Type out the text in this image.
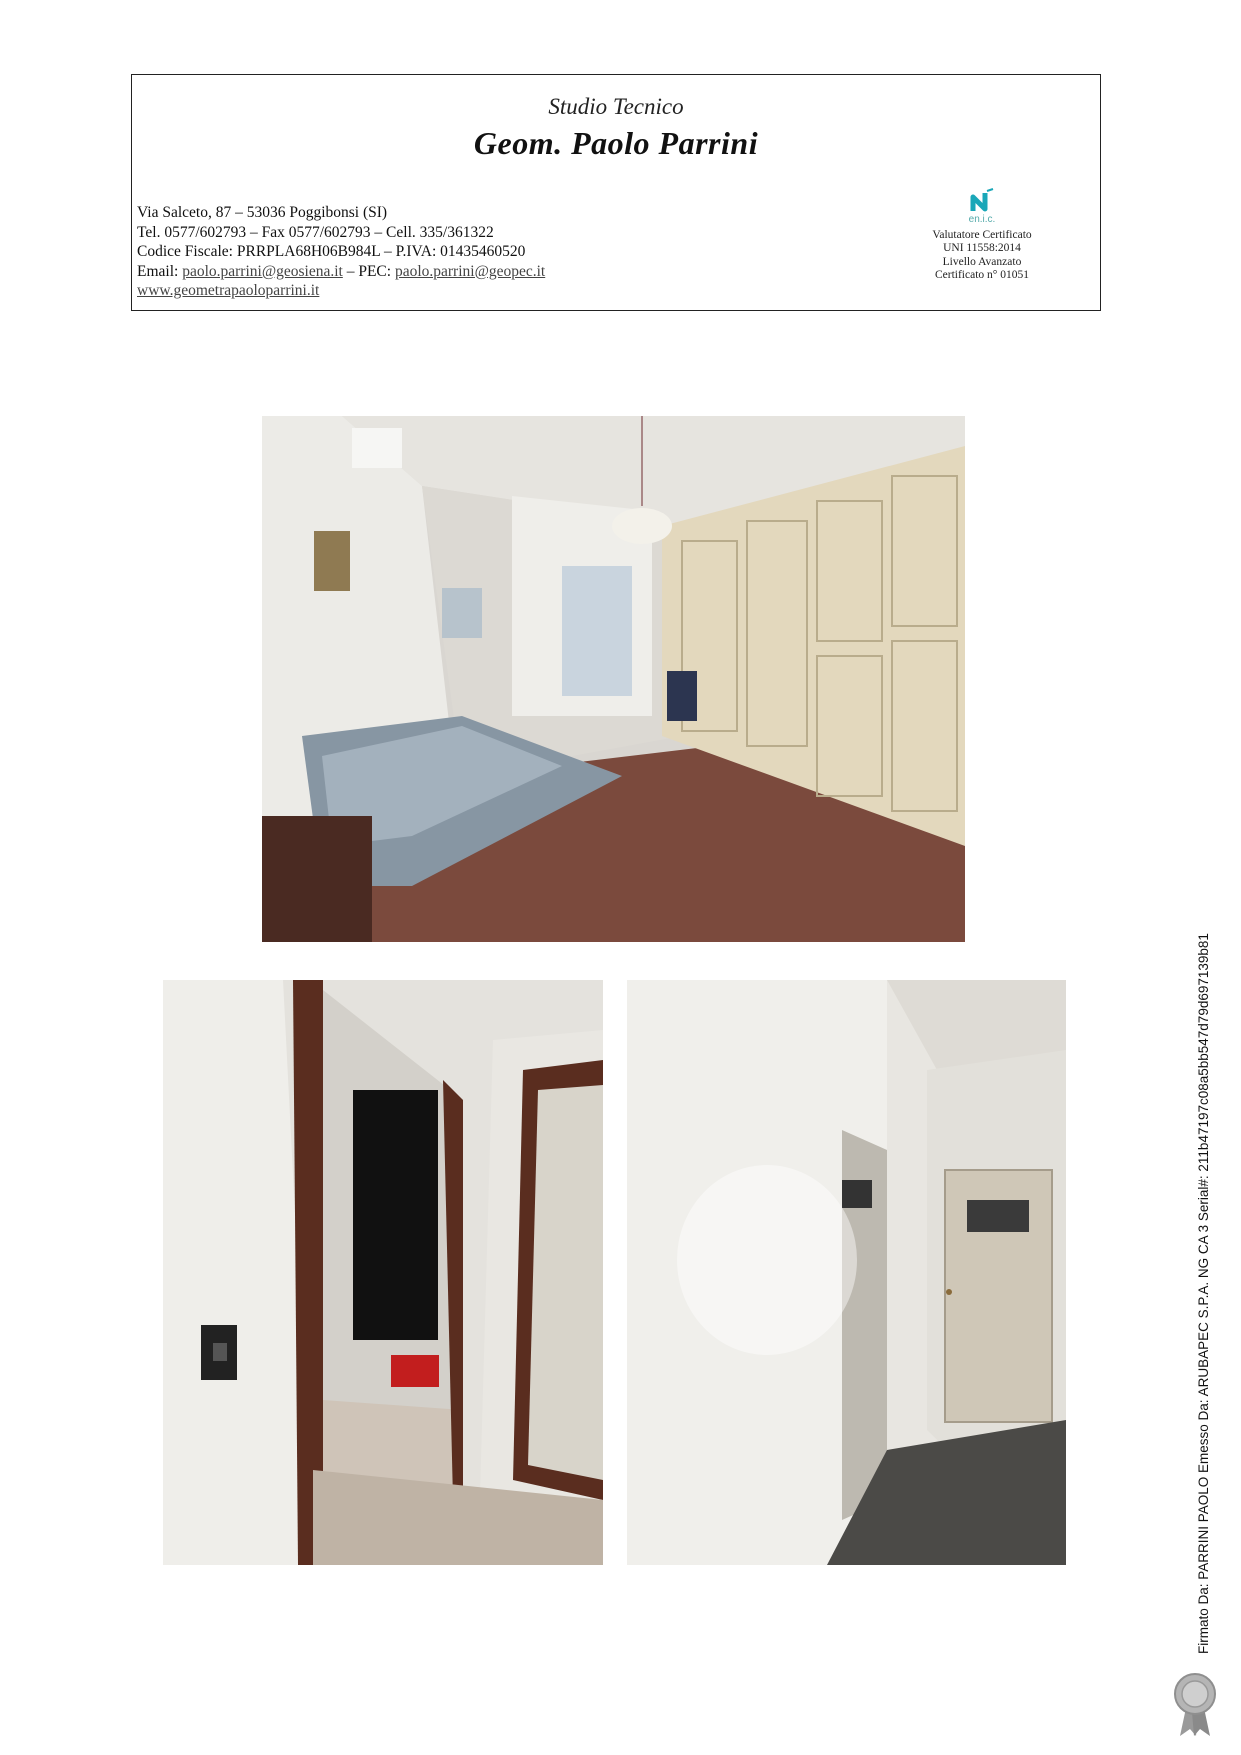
Studio Tecnico
Geom. Paolo Parrini
Via Salceto, 87 – 53036 Poggibonsi (SI)
Tel. 0577/602793 – Fax 0577/602793 – Cell. 335/361322
Codice Fiscale: PRRPLA68H06B984L – P.IVA: 01435460520
Email: paolo.parrini@geosiena.it – PEC: paolo.parrini@geopec.it
www.geometrapaoloparrini.it
en.i.c.
Valutatore Certificato
UNI 11558:2014
Livello Avanzato
Certificato n° 01051
Firmato Da: PARRINI PAOLO Emesso Da: ARUBAPEC S.P.A. NG CA 3 Serial#: 211b47197c08a5bb547d79d697139b81
